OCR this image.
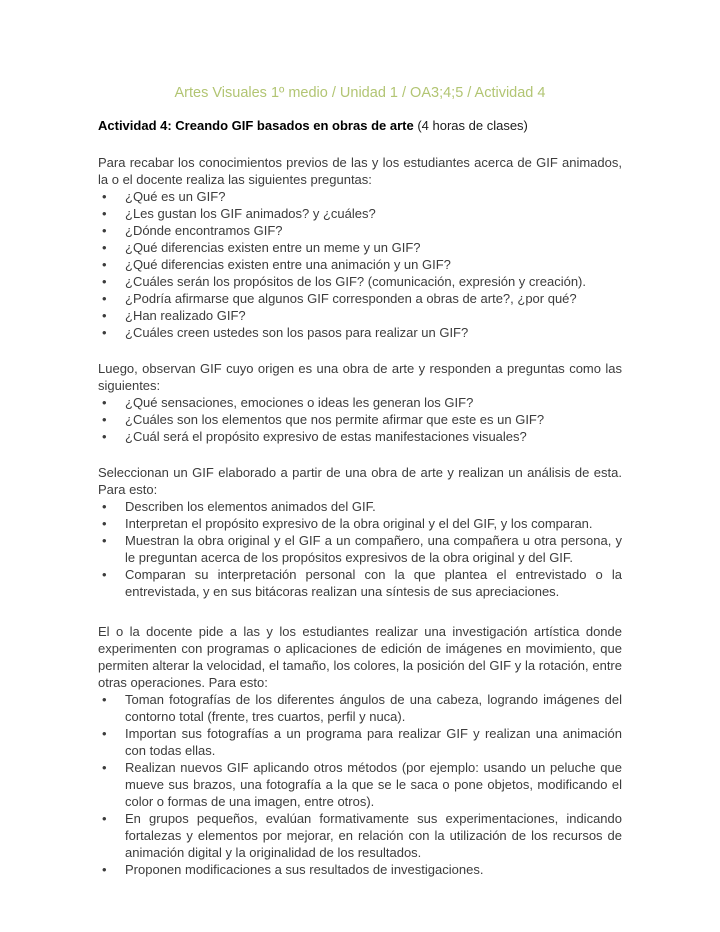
Artes Visuales 1º medio / Unidad 1 / OA3;4;5 / Actividad 4

Actividad 4: Creando GIF basados en obras de arte (4 horas de clases)

Para recabar los conocimientos previos de las y los estudiantes acerca de GIF animados, la o el docente realiza las siguientes preguntas:

• ¿Qué es un GIF?
• ¿Les gustan los GIF animados? y ¿cuáles?
• ¿Dónde encontramos GIF?
• ¿Qué diferencias existen entre un meme y un GIF?
• ¿Qué diferencias existen entre una animación y un GIF?
• ¿Cuáles serán los propósitos de los GIF? (comunicación, expresión y creación).
• ¿Podría afirmarse que algunos GIF corresponden a obras de arte?, ¿por qué?
• ¿Han realizado GIF?
• ¿Cuáles creen ustedes son los pasos para realizar un GIF?

Luego, observan GIF cuyo origen es una obra de arte y responden a preguntas como las siguientes:

• ¿Qué sensaciones, emociones o ideas les generan los GIF?
• ¿Cuáles son los elementos que nos permite afirmar que este es un GIF?
• ¿Cuál será el propósito expresivo de estas manifestaciones visuales?

Seleccionan un GIF elaborado a partir de una obra de arte y realizan un análisis de esta. Para esto:

• Describen los elementos animados del GIF.
• Interpretan el propósito expresivo de la obra original y el del GIF, y los comparan.
• Muestran la obra original y el GIF a un compañero, una compañera u otra persona, y le preguntan acerca de los propósitos expresivos de la obra original y del GIF.
• Comparan su interpretación personal con la que plantea el entrevistado o la entrevistada, y en sus bitácoras realizan una síntesis de sus apreciaciones.

El o la docente pide a las y los estudiantes realizar una investigación artística donde experimenten con programas o aplicaciones de edición de imágenes en movimiento, que permiten alterar la velocidad, el tamaño, los colores, la posición del GIF y la rotación, entre otras operaciones. Para esto:

• Toman fotografías de los diferentes ángulos de una cabeza, logrando imágenes del contorno total (frente, tres cuartos, perfil y nuca).
• Importan sus fotografías a un programa para realizar GIF y realizan una animación con todas ellas.
• Realizan nuevos GIF aplicando otros métodos (por ejemplo: usando un peluche que mueve sus brazos, una fotografía a la que se le saca o pone objetos, modificando el color o formas de una imagen, entre otros).
• En grupos pequeños, evalúan formativamente sus experimentaciones, indicando fortalezas y elementos por mejorar, en relación con la utilización de los recursos de animación digital y la originalidad de los resultados.
• Proponen modificaciones a sus resultados de investigaciones.
